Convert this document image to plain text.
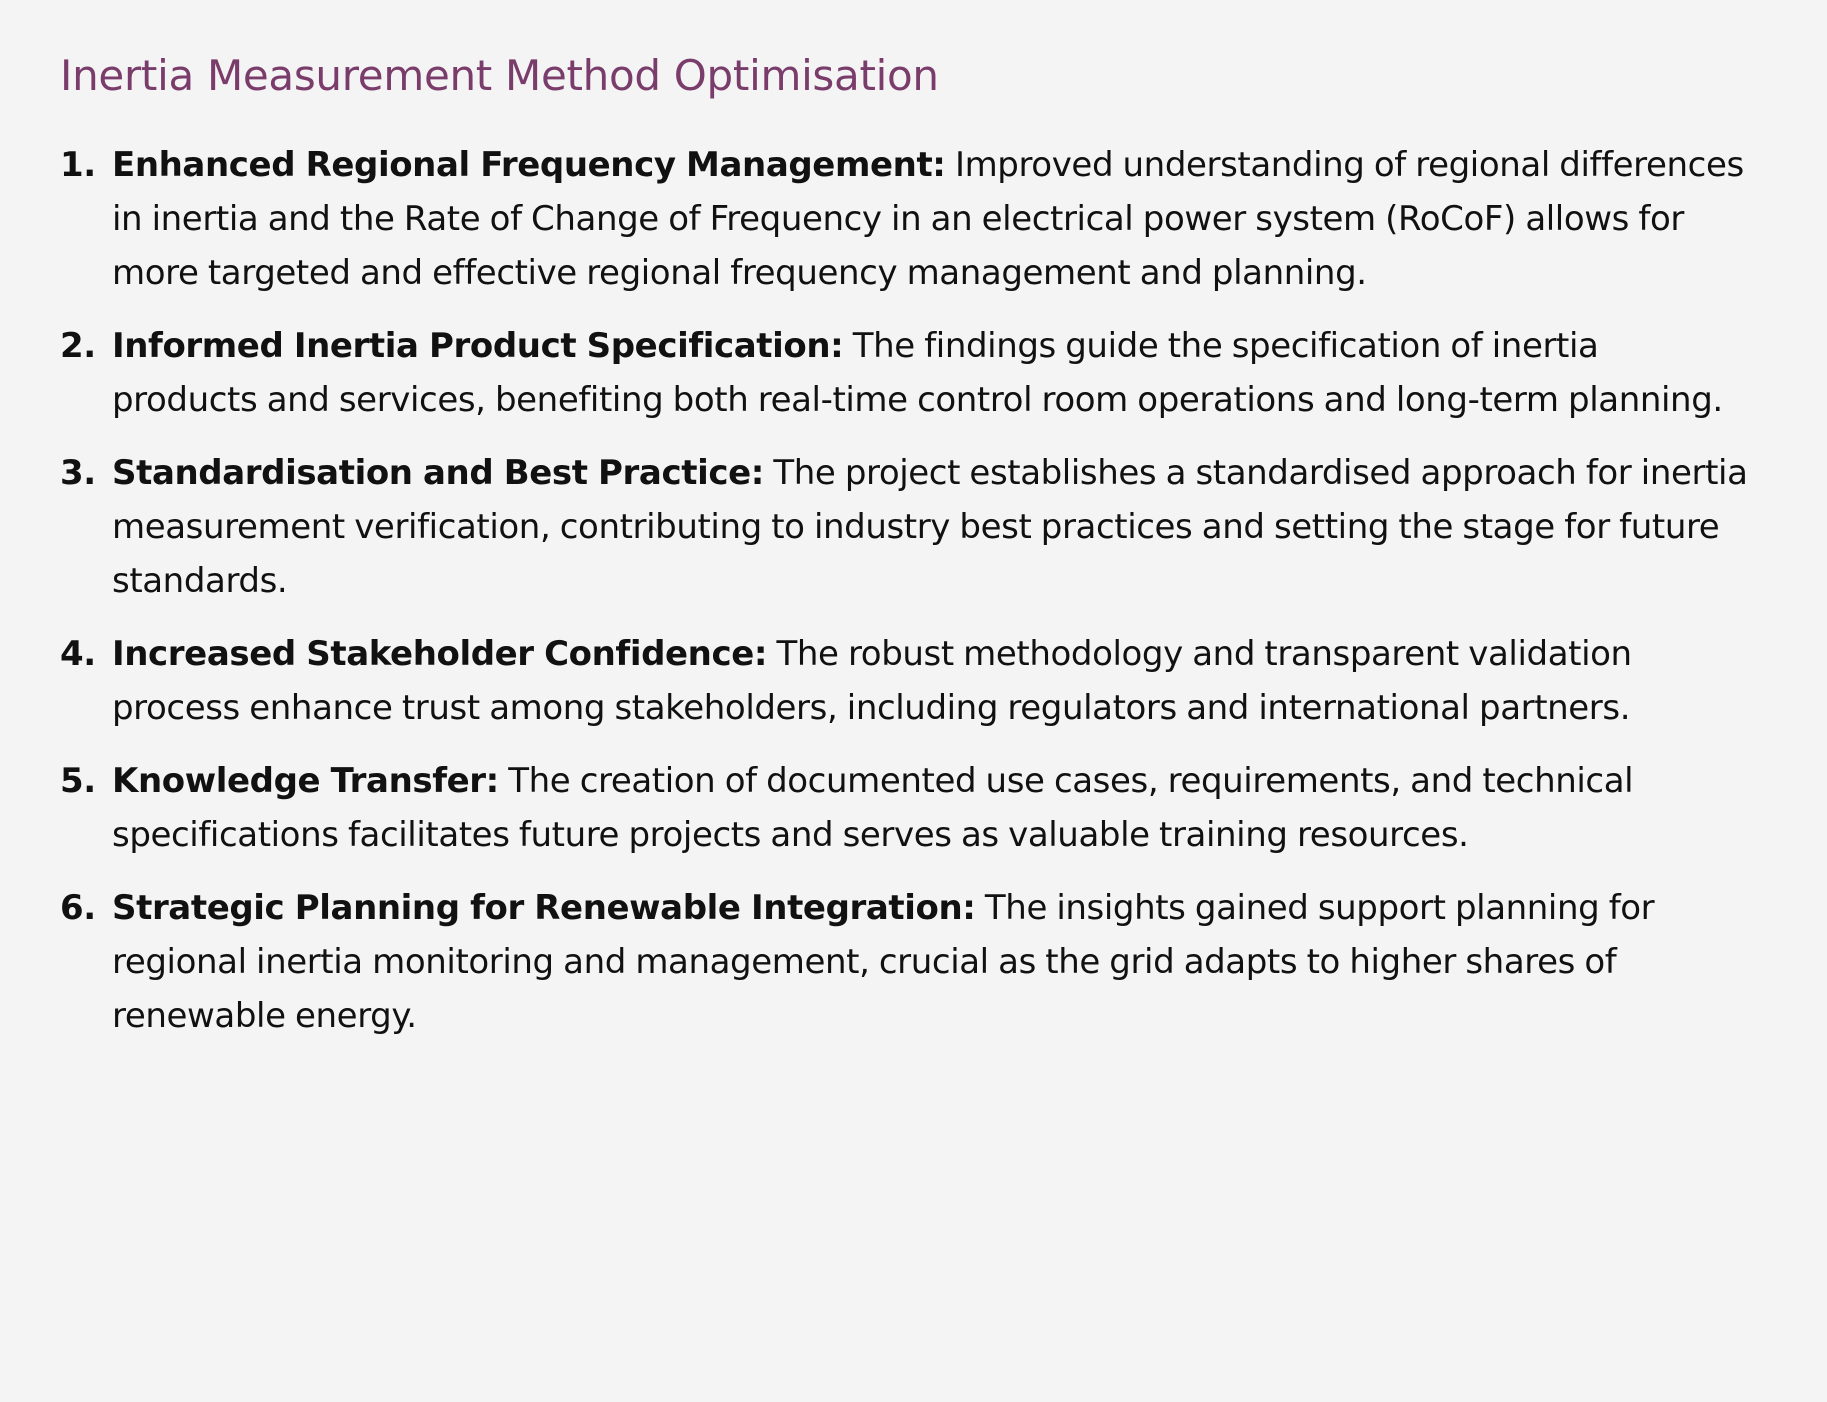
Inertia Measurement Method Optimisation
1. Enhanced Regional Frequency Management: Improved understanding of regional differences in inertia and the Rate of Change of Frequency in an electrical power system (RoCoF) allows for more targeted and effective regional frequency management and planning.
2. Informed Inertia Product Specification: The findings guide the specification of inertia products and services, benefiting both real-time control room operations and long-term planning.
3. Standardisation and Best Practice: The project establishes a standardised approach for inertia measurement verification, contributing to industry best practices and setting the stage for future standards.
4. Increased Stakeholder Confidence: The robust methodology and transparent validation process enhance trust among stakeholders, including regulators and international partners.
5. Knowledge Transfer: The creation of documented use cases, requirements, and technical specifications facilitates future projects and serves as valuable training resources.
6. Strategic Planning for Renewable Integration: The insights gained support planning for regional inertia monitoring and management, crucial as the grid adapts to higher shares of renewable energy.
